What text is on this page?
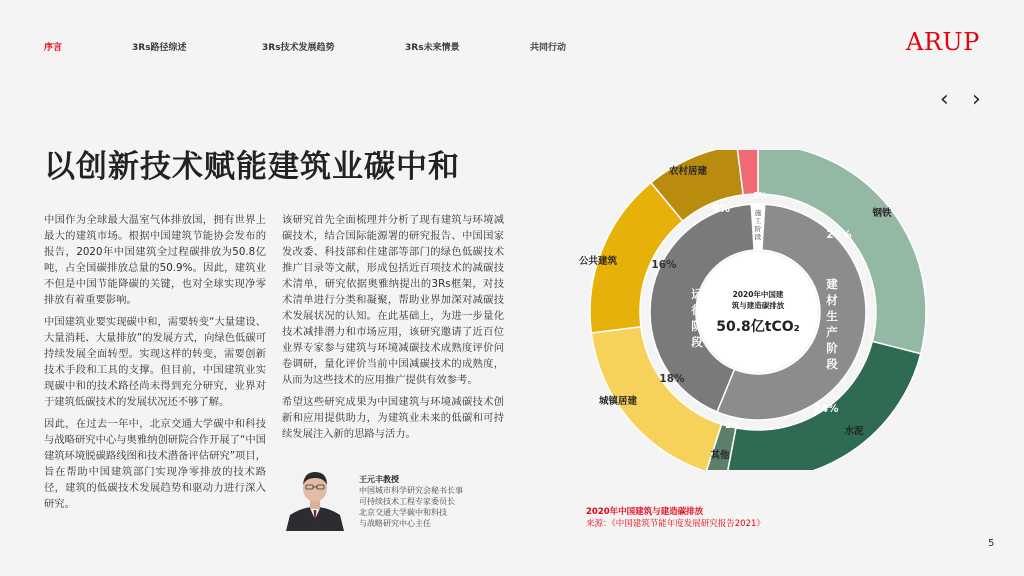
序言	3Rs路径综述	3Rs技术发展趋势	3Rs未来情景	共同行动	ARUP
‹ ›
以创新技术赋能建筑业碳中和

中国作为全球最大温室气体排放国，拥有世界上最大的建筑市场。根据中国建筑节能协会发布的报告，2020年中国建筑全过程碳排放为50.8亿吨，占全国碳排放总量的50.9%。因此，建筑业不但是中国节能降碳的关键，也对全球实现净零排放有着重要影响。

中国建筑业要实现碳中和，需要转变“大量建设、大量消耗、大量排放”的发展方式，向绿色低碳可持续发展全面转型。实现这样的转变，需要创新技术手段和工具的支撑。但目前，中国建筑业实现碳中和的技术路径尚未得到充分研究，业界对于建筑低碳技术的发展状况还不够了解。

因此，在过去一年中，北京交通大学碳中和科技与战略研究中心与奥雅纳创研院合作开展了“中国建筑环境脱碳路线图和技术潜备评估研究”项目，旨在帮助中国建筑部门实现净零排放的技术路径，建筑的低碳技术发展趋势和驱动力进行深入研究。

该研究首先全面梳理并分析了现有建筑与环境减碳技术，结合国际能源署的研究报告、中国国家发改委、科技部和住建部等部门的绿色低碳技术推广目录等文献，形成包括近百项技术的减碳技术清单，研究依据奥雅纳提出的3Rs框架，对技术清单进行分类和凝聚，帮助业界加深对减碳技术发展状况的认知。在此基础上，为进一步量化技术减排潜力和市场应用，该研究邀请了近百位业界专家参与建筑与环境减碳技术成熟度评价问卷调研，量化评价当前中国减碳技术的成熟度，从而为这些技术的应用推广提供有效参考。

希望这些研究成果为中国建筑与环境减碳技术创新和应用提供助力，为建筑业未来的低碳和可持续发展注入新的思路与活力。

王元丰教授
中国城市科学研究会秘书长事
可持续技术工程专家委员长
北京交通大学碳中和科技
与战略研究中心主任
29%
24%
2%
18%
16%
9%
2%
钢铁
水泥
其他
城镇居建
公共建筑
农村居建
建
材
生
产
阶
段
运
行
阶
段
施
工
阶
段
2020年中国建
筑与建造碳排放
50.8亿tCO₂
2020年中国建筑与建造碳排放
来源：《中国建筑节能年度发展研究报告2021》
5
